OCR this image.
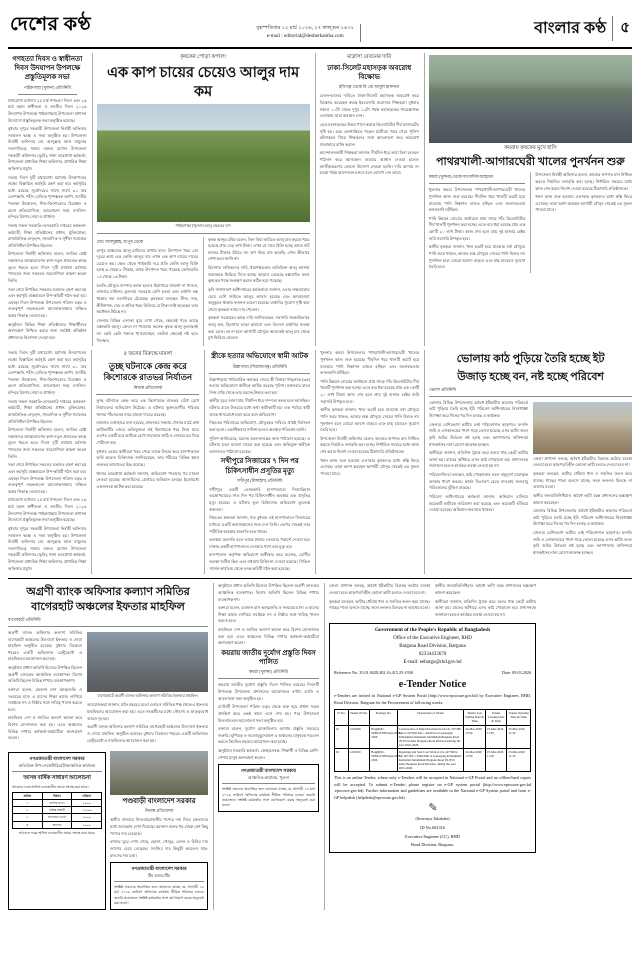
দেশের কণ্ঠ	বৃহস্পতিবার ১২ মার্চ ২০২৬, ২৭ ফাল্গুন ১৪৩২
e-mail : editorial@desherkantha.com	বাংলার কণ্ঠ ৫
গণহত্যা দিবস ও স্বাধীনতা দিবস উদযাপন উপলক্ষে প্রস্তুতিমূলক সভা
পাইকগাছা (খুলনা) প্রতিনিধি

যথাযোগ্য মর্যাদায় ২৫ মার্চ গণহত্যা দিবস এবং ২৬ মার্চ মহান স্বাধীনতা ও জাতীয় দিবস ২০২৬ উদযাপন উপলক্ষে পাইকগাছায় উপজেলা প্রশাসন উদ্যোগে প্রস্তুতিমূলক সভা অনুষ্ঠিত হয়েছে।

বুধবার দুপুরে সহকারী উপজেলা নির্বাহী অফিসার সম্মেলন কক্ষে এ সভা অনুষ্ঠিত হয়। উপজেলা নির্বাহী অফিসার মো. আব্দুল্লাহ আল মামুনের সভাপতিত্বে সভায় বক্তব্য রাখেন উপজেলা সহকারী কমিশনার (ভূমি), থানা ভারপ্রাপ্ত কর্মকর্তা, উপজেলা মাধ্যমিক শিক্ষা অফিসার, প্রাথমিক শিক্ষা অফিসার প্রমুখ।

সভায় দিবস দুটি যথাযোগ্য মর্যাদায় উদযাপনের লক্ষ্যে বিস্তারিত কর্মসূচি গ্রহণ করা হয়। কর্মসূচির মধ্যে রয়েছে সূর্যোদয়ের সাথে সাথে ৩১ বার তোপধ্বনি, শহীদ বেদিতে পুষ্পস্তবক অর্পণ, জাতীয় পতাকা উত্তোলন, শিশু-কিশোরদের চিত্রাঙ্কন ও রচনা প্রতিযোগিতা, আলোচনা সভা, মসজিদ-মন্দিরে বিশেষ দোয়া ও প্রার্থনা।

সভায় সকল সরকারি-বেসরকারি দপ্তরের কর্মকর্তা-কর্মচারী, শিক্ষা প্রতিষ্ঠানের প্রধান, মুক্তিযোদ্ধা, রাজনৈতিক নেতৃবৃন্দ, সাংবাদিক ও সুশীল সমাজের প্রতিনিধিরা উপস্থিত ছিলেন।

উপজেলা নির্বাহী অফিসার বলেন, জাতির শ্রেষ্ঠ সন্তানদের আত্মত্যাগের কথা নতুন প্রজন্মের কাছে তুলে ধরতে হবে। দিবস দুটি যথাযথ মর্যাদায় পালনের জন্য সকলের সহযোগিতা কামনা করেন তিনি।

সভা শেষে উপস্থিত সকলের মতামত গ্রহণ করা হয় এবং কর্মসূচি বাস্তবায়নে উপ-কমিটি গঠন করা হয়। এছাড়া দিবস উপলক্ষে উপজেলা পরিষদ চত্বর ও গুরুত্বপূর্ণ সড়কগুলো আলোকসজ্জায় সজ্জিত করার সিদ্ধান্ত নেওয়া হয়।

অনুষ্ঠানে বিভিন্ন শিক্ষা প্রতিষ্ঠানের শিক্ষার্থীদের অংশগ্রহণ নিশ্চিত করার জন্য সংশ্লিষ্ট প্রতিষ্ঠান প্রধানদের নির্দেশনা দেওয়া হয়।

কৃষকের পোড়া কপাল!
এক কাপ চায়ের চেয়েও আলুর দাম কম
পাইকগাছা (খুলনা) আলু ক্ষেতের দৃশ্য
মোঃ আবদুল্লাহ, রংপুর থেকে

রংপুর অঞ্চলের আলু চাষিদের মাথায় হাত। উৎপাদন খরচ তো দূরের কথা, এক কেজি আলুর দাম এখন এক কাপ চায়ের দামের চেয়েও কম। ক্ষেত থেকে পাইকারি দরে প্রতি কেজি আলু বিক্রি হচ্ছে ৬ থেকে ৮ টাকায়, অথচ উৎপাদন খরচ পড়েছে কেজিপ্রতি ১৪ থেকে ১৬ টাকা।

চলতি মৌসুমে বাম্পার ফলন হলেও হিমাগারে জায়গা না পাওয়া, বাজারে চাহিদার তুলনায় সরবরাহ বেশি হওয়া এবং রপ্তানি বন্ধ থাকায় দাম তলানিতে ঠেকেছে। কৃষকেরা বলছেন, বীজ, সার, কীটনাশক, সেচ ও শ্রমিক খরচ মিলিয়ে যে টাকা লগ্নি করেছেন তার অর্ধেকও উঠছে না।

জেলার বিভিন্ন এলাকা ঘুরে দেখা গেছে, ক্ষেতেই পড়ে আছে বস্তাভর্তি আলু। ক্রেতা না পাওয়ায় অনেক কৃষক আলু তুলছেনই না। কেউ কেউ গরুকে খাওয়াচ্ছেন, কেউবা ক্ষেতেই নষ্ট হতে দিচ্ছেন।

কৃষক আব্দুর রহিম বলেন, তিন বিঘা জমিতে আলু চাষ করতে খরচ হয়েছে প্রায় দেড় লাখ টাকা। এখন যে দামে বিক্রি হচ্ছে তাতে ষাট হাজার টাকাও উঠবে না। ঋণ নিয়ে চাষ করেছি, এখন কীভাবে শোধ করব জানি না।

হিমাগার মালিকদের দাবি, ধারণক্ষমতার অতিরিক্ত আলু আসায় অনেককে ফিরিয়ে দিতে হচ্ছে। ভাড়াও বেড়েছে বস্তাপ্রতি। ফলে কৃষকের পক্ষে সংরক্ষণ করাও কঠিন হয়ে পড়েছে।

কৃষি সম্প্রসারণ অধিদপ্তরের কর্মকর্তারা জানান, এবার লক্ষ্যমাত্রার চেয়ে বেশি জমিতে আলুর আবাদ হয়েছে এবং আবহাওয়া অনুকূলে থাকায় ফলনও ভালো হয়েছে। রপ্তানির সুযোগ সৃষ্টি করা গেলে কৃষকরা ন্যায্য দাম পেতেন।

কৃষকরা সরকারের কাছে দাবি জানিয়েছেন, সরাসরি সরকারিভাবে আলু ক্রয়, হিমাগার ভাড়া কমানো এবং বিদেশে রপ্তানির ব্যবস্থা করা হোক। তা না হলে আগামী মৌসুমে অনেকেই আলু চাষ থেকে মুখ ফিরিয়ে নেবেন।

মাদ্রাসা বেতনের দাবি
ঢাকা-সিলেট মহাসড়ক অবরোধ বিক্ষোভ
হবিগঞ্জ থেকে বি এম আবুল হাসনাত

বেতন-ভাতার দাবিতে ঢাকা-সিলেট মহাসড়ক অবরোধ করে বিক্ষোভ করেছেন স্বতন্ত্র ইবতেদায়ি মাদ্রাসার শিক্ষকরা। বুধবার সকাল ১০টা থেকে দুপুর ১২টা পর্যন্ত মহাসড়কের শায়েস্তাগঞ্জ এলাকায় তারা অবস্থান নেন।

এতে মহাসড়কের উভয় পাশে কয়েক কিলোমিটার দীর্ঘ যানজটের সৃষ্টি হয়। চরম ভোগান্তিতে পড়েন যাত্রীরা। খবর পেয়ে পুলিশ ঘটনাস্থলে গিয়ে শিক্ষকদের সঙ্গে আলোচনা করে অবরোধ প্রত্যাহারে রাজি করান।

আন্দোলনকারী শিক্ষকরা জানান, দীর্ঘদিন ধরে তারা বিনা বেতনে পাঠদান করে আসছেন। বারবার আশ্বাস দেওয়া হলেও জাতীয়করণের কোনো উদ্যোগ নেওয়া হয়নি। দাবি আদায় না হওয়া পর্যন্ত আন্দোলন চলবে বলে ঘোষণা দেন তারা।

কয়রায় কৃষকের মুখে হাসি
পাথরখালী-আগারঘেরী খালের পুনর্খনন শুরু
কয়রা (খুলনা) থেকে সাংবাদিক আহমেদ

খুলনার কয়রা উপজেলার পাথরখালী-আগারঘেরী খালের পুনর্খনন কাজ শুরু হয়েছে। দীর্ঘদিন ধরে খালটি ভরাট হয়ে যাওয়ায় পানি নিষ্কাশন ব্যাহত হচ্ছিল এবং জলাবদ্ধতায় ফসলহানি ঘটছিল।

পানি উন্নয়ন বোর্ডের অর্থায়নে প্রায় সাড়ে পাঁচ কিলোমিটার দীর্ঘ খালটি পুনর্খনন করা হচ্ছে। এতে ব্যয় ধরা হয়েছে প্রায় এক কোটি ২০ লাখ টাকা। কাজ শেষ হলে প্রায় দুই হাজার হেক্টর জমি সরাসরি উপকৃত হবে।

স্থানীয় কৃষকরা জানান, খাল ভরাট হয়ে যাওয়ায় বর্ষা মৌসুমে পানি জমে থাকত, আবার শুষ্ক মৌসুমে সেচের পানি মিলত না। পুনর্খনন হলে বোরো আবাদ বাড়বে এবং মাছ চাষেরও সুযোগ তৈরি হবে।

উপজেলা নির্বাহী অফিসার বলেন, কাজের গুণগত মান নিশ্চিত করতে নিয়মিত তদারকি করা হচ্ছে। নির্ধারিত সময়ের মধ্যে কাজ শেষ করার নির্দেশ দেওয়া হয়েছে ঠিকাদারি প্রতিষ্ঠানকে।

খনন কাজ শুরু হওয়ায় এলাকার কৃষকদের মধ্যে স্বস্তি ফিরে এসেছে। তারা আশা করছেন আগামী মৌসুম থেকেই এর সুফল পাওয়া যাবে।

সভায় দিবস দুটি যথাযোগ্য মর্যাদায় উদযাপনের লক্ষ্যে বিস্তারিত কর্মসূচি গ্রহণ করা হয়। কর্মসূচির মধ্যে রয়েছে সূর্যোদয়ের সাথে সাথে ৩১ বার তোপধ্বনি, শহীদ বেদিতে পুষ্পস্তবক অর্পণ, জাতীয় পতাকা উত্তোলন, শিশু-কিশোরদের চিত্রাঙ্কন ও রচনা প্রতিযোগিতা, আলোচনা সভা, মসজিদ-মন্দিরে বিশেষ দোয়া ও প্রার্থনা।

সভায় সকল সরকারি-বেসরকারি দপ্তরের কর্মকর্তা-কর্মচারী, শিক্ষা প্রতিষ্ঠানের প্রধান, মুক্তিযোদ্ধা, রাজনৈতিক নেতৃবৃন্দ, সাংবাদিক ও সুশীল সমাজের প্রতিনিধিরা উপস্থিত ছিলেন।

উপজেলা নির্বাহী অফিসার বলেন, জাতির শ্রেষ্ঠ সন্তানদের আত্মত্যাগের কথা নতুন প্রজন্মের কাছে তুলে ধরতে হবে। দিবস দুটি যথাযথ মর্যাদায় পালনের জন্য সকলের সহযোগিতা কামনা করেন তিনি।

সভা শেষে উপস্থিত সকলের মতামত গ্রহণ করা হয় এবং কর্মসূচি বাস্তবায়নে উপ-কমিটি গঠন করা হয়। এছাড়া দিবস উপলক্ষে উপজেলা পরিষদ চত্বর ও গুরুত্বপূর্ণ সড়কগুলো আলোকসজ্জায় সজ্জিত করার সিদ্ধান্ত নেওয়া হয়।

যথাযোগ্য মর্যাদায় ২৫ মার্চ গণহত্যা দিবস এবং ২৬ মার্চ মহান স্বাধীনতা ও জাতীয় দিবস ২০২৬ উদযাপন উপলক্ষে পাইকগাছায় উপজেলা প্রশাসন উদ্যোগে প্রস্তুতিমূলক সভা অনুষ্ঠিত হয়েছে।

বুধবার দুপুরে সহকারী উপজেলা নির্বাহী অফিসার সম্মেলন কক্ষে এ সভা অনুষ্ঠিত হয়। উপজেলা নির্বাহী অফিসার মো. আব্দুল্লাহ আল মামুনের সভাপতিত্বে সভায় বক্তব্য রাখেন উপজেলা সহকারী কমিশনার (ভূমি), থানা ভারপ্রাপ্ত কর্মকর্তা, উপজেলা মাধ্যমিক শিক্ষা অফিসার, প্রাথমিক শিক্ষা অফিসার প্রমুখ।

৫ জনের বিরুদ্ধে মামলা
তুচ্ছ ঘটনাকে কেন্দ্র করে কিশোরকে রাতভর নির্যাতন
নিজস্ব প্রতিবেদক

তুচ্ছ ঘটনাকে কেন্দ্র করে এক কিশোরকে রাতভর বেঁধে রেখে নির্যাতনের অভিযোগ উঠেছে। এ ঘটনায় ভুক্তভোগীর পরিবার থানায় পাঁচজনের নামে মামলা দায়ের করেছে।

মামলার এজাহারে বলা হয়েছে, মঙ্গলবার সন্ধ্যায় খেলার মাঠে কথা কাটাকাটির জেরে অভিযুক্তরা ওই কিশোরকে ধরে নিয়ে যায়। এরপর একটি ঘরে আটকে রেখে সারারাত লাঠি ও লোহার রড দিয়ে পেটানো হয়।

বুধবার ভোরে স্থানীয়রা খবর পেয়ে তাকে উদ্ধার করে হাসপাতালে ভর্তি করেন। চিকিৎসক জানিয়েছেন, তার শরীরের বিভিন্ন স্থানে গুরুতর আঘাতের চিহ্ন রয়েছে।

থানার ভারপ্রাপ্ত কর্মকর্তা জানান, অভিযোগ পাওয়ার পর মামলা নেওয়া হয়েছে। আসামিদের গ্রেপ্তারে অভিযান চলছে। ইতোমধ্যে একজনকে আটক করা হয়েছে।

স্ত্রীকে হত্যার অভিযোগে স্বামী আটক
উল্লাপাড়া (সিরাজগঞ্জ) প্রতিনিধি

উল্লাপাড়ায় পারিবারিক কলহের জেরে স্ত্রী মিনারা খাতুনকে (৩৫) হত্যার অভিযোগে স্বামীকে আটক করেছে পুলিশ। মঙ্গলবার রাতে নিজ বাড়ি থেকে তার মরদেহ উদ্ধার করা হয়।

স্থানীয় সূত্রে জানা যায়, দীর্ঘদিন ধরে দাম্পত্য কলহ চলে আসছিল। ঘটনার রাতে উভয়ের মধ্যে কথা কাটাকাটি হয়। এক পর্যায়ে স্বামী তাকে শ্বাসরোধে হত্যা করে বলে অভিযোগ।

নিহতের পরিবারের অভিযোগ, যৌতুকের দাবিতে প্রায়ই নির্যাতন করা হতো। একাধিকবার সালিশ হলেও অবস্থার পরিবর্তন হয়নি।

পুলিশ জানিয়েছে, মরদেহ ময়নাতদন্তের জন্য পাঠানো হয়েছে। এ ঘটনায় হত্যা মামলা দায়ের করা হয়েছে এবং অভিযুক্ত স্বামীকে আদালতে পাঠানো হয়েছে।

সখীপুরে সিজারের ৭ দিন পর চিকিৎসাধীন প্রসূতির মৃত্যু
সখীপুর (টাঙ্গাইল) প্রতিনিধি

সখীপুরে একটি বেসরকারি হাসপাতালে সিজারিয়ান অস্ত্রোপচারের সাত দিন পর চিকিৎসাধীন অবস্থায় এক প্রসূতির মৃত্যু হয়েছে। এ ঘটনায় ভুল চিকিৎসার অভিযোগ তুলেছে স্বজনরা।

নিহতের স্বজনরা জানান, গত বুধবার ওই হাসপাতালে সিজারের মাধ্যমে একটি কন্যাসন্তানের জন্ম দেন তিনি। এরপর থেকেই তার শারীরিক অবস্থার অবনতি হতে থাকে।

অবস্থার অবনতি হলে তাকে ঢাকায় নেওয়ার পরামর্শ দেওয়া হয়। ঢাকার একটি হাসপাতালে নেওয়ার পথে তার মৃত্যু হয়।

হাসপাতাল কর্তৃপক্ষ অভিযোগ অস্বীকার করে বলেছে, রোগীর অবস্থা জটিল ছিল এবং যথাযথ চিকিৎসা দেওয়া হয়েছে। সিভিল সার্জন কার্যালয় থেকে তদন্ত কমিটি গঠন করা হয়েছে।

খুলনার কয়রা উপজেলার পাথরখালী-আগারঘেরী খালের পুনর্খনন কাজ শুরু হয়েছে। দীর্ঘদিন ধরে খালটি ভরাট হয়ে যাওয়ায় পানি নিষ্কাশন ব্যাহত হচ্ছিল এবং জলাবদ্ধতায় ফসলহানি ঘটছিল।

পানি উন্নয়ন বোর্ডের অর্থায়নে প্রায় সাড়ে পাঁচ কিলোমিটার দীর্ঘ খালটি পুনর্খনন করা হচ্ছে। এতে ব্যয় ধরা হয়েছে প্রায় এক কোটি ২০ লাখ টাকা। কাজ শেষ হলে প্রায় দুই হাজার হেক্টর জমি সরাসরি উপকৃত হবে।

স্থানীয় কৃষকরা জানান, খাল ভরাট হয়ে যাওয়ায় বর্ষা মৌসুমে পানি জমে থাকত, আবার শুষ্ক মৌসুমে সেচের পানি মিলত না। পুনর্খনন হলে বোরো আবাদ বাড়বে এবং মাছ চাষেরও সুযোগ তৈরি হবে।

উপজেলা নির্বাহী অফিসার বলেন, কাজের গুণগত মান নিশ্চিত করতে নিয়মিত তদারকি করা হচ্ছে। নির্ধারিত সময়ের মধ্যে কাজ শেষ করার নির্দেশ দেওয়া হয়েছে ঠিকাদারি প্রতিষ্ঠানকে।

খনন কাজ শুরু হওয়ায় এলাকার কৃষকদের মধ্যে স্বস্তি ফিরে এসেছে। তারা আশা করছেন আগামী মৌসুম থেকেই এর সুফল পাওয়া যাবে।

ভোলায় কাঠ পুড়িয়ে তৈরি হচ্ছে ইট
উজাড় হচ্ছে বন, নষ্ট হচ্ছে পরিবেশ
ভোলা প্রতিনিধি

ভোলার বিভিন্ন উপজেলায় অবৈধ ইটভাটায় কয়লার পরিবর্তে কাঠ পুড়িয়ে তৈরি হচ্ছে ইট। পরিবেশ অধিদপ্তরের নিষেধাজ্ঞা উপেক্ষা করে দিনের পর দিন চলছে এ কার্যক্রম।

জেলার বেশিরভাগ ভাটায় নেই পরিবেশগত ছাড়পত্র। ফসলি জমি ও লোকালয়ের পাশে গড়ে তোলা হয়েছে এসব ভাটা। ফলে কৃষি জমির উর্বরতা নষ্ট হচ্ছে এবং আশপাশের বাসিন্দারা শ্বাসকষ্টসহ নানা রোগে আক্রান্ত হচ্ছেন।

স্থানীয়রা জানান, প্রতিদিন ট্রাকে করে বনের গাছ কেটে ভাটায় আনা হয়। রাতের আঁধারে এসব কাঠ পোড়ানো হয়। প্রশাসনকে জানানো হলেও কার্যকর ব্যবস্থা নেওয়া হয় না।

পরিবেশবিদরা বলছেন, কাঠ পোড়ানোর ফলে বায়ুদূষণ মারাত্মক আকার ধারণ করছে। কার্বন নিঃসরণ বেড়ে যাওয়ায় জলবায়ু পরিবর্তনের ঝুঁকিও বাড়ছে।

পরিবেশ অধিদপ্তরের কর্মকর্তা জানান, অভিযান চালিয়ে কয়েকটি ভাটাকে জরিমানা করা হয়েছে এবং কয়েকটি গুঁড়িয়ে দেওয়া হয়েছে। অভিযান অব্যাহত থাকবে।

জেলা প্রশাসন বলছে, অবৈধ ইটভাটার বিরুদ্ধে কঠোর ব্যবস্থা নেওয়া হবে। ছাড়পত্রবিহীন কোনো ভাটা চলতে দেওয়া হবে না।

কৃষকরা বলছেন, ভাটার ধোঁয়ায় ধান ও সবজির ফলন কমে যাচ্ছে। গাছের পাতা ঝলসে যাচ্ছে, ফলে ফলনও মিলছে না আগের মতো।

স্থানীয় জনপ্রতিনিধিরাও অবৈধ ভাটা বন্ধে প্রশাসনের হস্তক্ষেপ কামনা করেছেন।

ভোলার বিভিন্ন উপজেলায় অবৈধ ইটভাটায় কয়লার পরিবর্তে কাঠ পুড়িয়ে তৈরি হচ্ছে ইট। পরিবেশ অধিদপ্তরের নিষেধাজ্ঞা উপেক্ষা করে দিনের পর দিন চলছে এ কার্যক্রম।

জেলার বেশিরভাগ ভাটায় নেই পরিবেশগত ছাড়পত্র। ফসলি জমি ও লোকালয়ের পাশে গড়ে তোলা হয়েছে এসব ভাটা। ফলে কৃষি জমির উর্বরতা নষ্ট হচ্ছে এবং আশপাশের বাসিন্দারা শ্বাসকষ্টসহ নানা রোগে আক্রান্ত হচ্ছেন।

অগ্রণী ব্যাংক অফিসার কল্যাণ সমিতির বাগেরহাট অঞ্চলের ইফতার মাহফিল
বাগেরহাট প্রতিনিধি

অগ্রণী ব্যাংক অফিসার কল্যাণ সমিতির বাগেরহাট অঞ্চলের উদ্যোগে ইফতার ও দোয়া মাহফিল অনুষ্ঠিত হয়েছে। বুধবার বিকেলে শহরের একটি অভিজাত রেস্টুরেন্টে এ মাহফিলের আয়োজন করা হয়।

অনুষ্ঠানে প্রধান অতিথি হিসেবে উপস্থিত ছিলেন অগ্রণী ব্যাংকের আঞ্চলিক ব্যবস্থাপক। বিশেষ অতিথি ছিলেন বিভিন্ন শাখার ব্যবস্থাপকগণ।

বক্তারা বলেন, রমজান মাস আত্মশুদ্ধি ও সংযমের মাস। এ মাসের শিক্ষা কাজে লাগিয়ে সবাইকে সৎ ও নিষ্ঠার সঙ্গে দায়িত্ব পালন করতে হবে।

মাহফিলে দেশ ও জাতির কল্যাণ কামনা করে বিশেষ মোনাজাত করা হয়। এতে অঞ্চলের বিভিন্ন শাখার কর্মকর্তা-কর্মচারীরা অংশগ্রহণ করেন।

বাগেরহাটে অগ্রণী ব্যাংক অফিসার কল্যাণ সমিতির ইফতার মাহফিল

আয়োজকরা জানান, প্রতি বছরের মতো এবারও সমিতির পক্ষ থেকে এ ইফতার মাহফিলের আয়োজন করা হয়। এতে সহকর্মীদের মধ্যে সৌহার্দ্য ও ভ্রাতৃত্ববোধ আরও দৃঢ় হয়।

অগ্রণী ব্যাংক অফিসার কল্যাণ সমিতির বাগেরহাট অঞ্চলের উদ্যোগে ইফতার ও দোয়া মাহফিল অনুষ্ঠিত হয়েছে। বুধবার বিকেলে শহরের একটি অভিজাত রেস্টুরেন্টে এ মাহফিলের আয়োজন করা হয়।

গণপ্রজাতন্ত্রী বাংলাদেশ সরকার
অতিরিক্ত উপ-সেক্রেটারিয়েট/আঞ্চলিক কার্যালয়
আসন্ন বার্ষিক সাধারণ আলোচনা
আবেদন ফরম অফিস চলাকালীন সময়ে সংগ্রহ করা যাবে।
ক্রমিক	বিবরণ	পরিমাণ
১	মাসিক ভাতা	৫০০০
২	বার্ষিক সম্মানী	১২০০০
৩	যাতায়াত ভাতা	৩০০০
৪	অন্যান্য	২০০০
আবেদন ফরম অফিস চলাকালীন সময়ে সংগ্রহ করা যাবে।
পণ্ডবাড়ী বাংলাদেশ সরকার
নিজস্ব প্রতিবেদক

স্থানীয় বাজারে নিত্যপ্রয়োজনীয় পণ্যের দাম নিয়ে ক্রেতাদের মধ্যে অসন্তোষ দেখা দিয়েছে। রমজান শুরুর পর থেকে বেশ কিছু পণ্যের দাম বেড়েছে।

বাজার ঘুরে দেখা গেছে, ছোলা, খেজুর, বেসন ও চিনির দাম আগের চেয়ে বেড়েছে। সবজির দাম কিছুটা কমলেও মাছ-মাংসের দাম চড়া।

গণপ্রজাতন্ত্রী বাংলাদেশ সরকার
টিম অ্যান্ড/টিম
সংশ্লিষ্ট সকলের অবগতির জন্য জানানো যাচ্ছে যে, আগামী ১৫ মার্চ ২০২৬ তারিখে অফিসের কার্যক্রম সীমিত পরিসরে চলবে। জরুরি প্রয়োজনে সংশ্লিষ্ট কর্মকর্তার সঙ্গে যোগাযোগ করার অনুরোধ করা হলো।

অনুষ্ঠানে প্রধান অতিথি হিসেবে উপস্থিত ছিলেন অগ্রণী ব্যাংকের আঞ্চলিক ব্যবস্থাপক। বিশেষ অতিথি ছিলেন বিভিন্ন শাখার ব্যবস্থাপকগণ।

বক্তারা বলেন, রমজান মাস আত্মশুদ্ধি ও সংযমের মাস। এ মাসের শিক্ষা কাজে লাগিয়ে সবাইকে সৎ ও নিষ্ঠার সঙ্গে দায়িত্ব পালন করতে হবে।

মাহফিলে দেশ ও জাতির কল্যাণ কামনা করে বিশেষ মোনাজাত করা হয়। এতে অঞ্চলের বিভিন্ন শাখার কর্মকর্তা-কর্মচারীরা অংশগ্রহণ করেন।

কয়রায় জাতীয় দুর্যোগ প্রস্তুতি দিবস পালিত
কয়রা (খুলনা) প্রতিনিধি

কয়রায় জাতীয় দুর্যোগ প্রস্তুতি দিবস পালিত হয়েছে। দিবসটি উপলক্ষে উপজেলা প্রশাসনের আয়োজনে বর্ণাঢ্য র‍্যালি ও আলোচনা সভা অনুষ্ঠিত হয়।

র‍্যালিটি উপজেলা পরিষদ চত্বর থেকে শুরু হয়ে প্রধান সড়ক প্রদক্ষিণ করে একই স্থানে এসে শেষ হয়। পরে উপজেলা মিলনায়তনে আলোচনা সভা অনুষ্ঠিত হয়।

বক্তারা বলেন, দুর্যোগ মোকাবিলায় আগাম প্রস্তুতি সবচেয়ে জরুরি। ঘূর্ণিঝড় ও জলোচ্ছ্বাসপ্রবণ এ অঞ্চলের মানুষকে সচেতন করতে নিয়মিত মহড়ার আয়োজন করা হচ্ছে।

অনুষ্ঠানে সরকারি কর্মকর্তা, স্বেচ্ছাসেবক, শিক্ষার্থী ও বিভিন্ন শ্রেণি-পেশার মানুষ অংশগ্রহণ করেন।

গণপ্রজাতন্ত্রী বাংলাদেশ সরকার
আঞ্চলিক কার্যালয়, খুলনা
সংশ্লিষ্ট সকলের অবগতির জন্য জানানো যাচ্ছে যে, আগামী ১৫ মার্চ ২০২৬ তারিখে অফিসের কার্যক্রম সীমিত পরিসরে চলবে। জরুরি প্রয়োজনে সংশ্লিষ্ট কর্মকর্তার সঙ্গে যোগাযোগ করার অনুরোধ করা হলো।

জেলা প্রশাসন বলছে, অবৈধ ইটভাটার বিরুদ্ধে কঠোর ব্যবস্থা নেওয়া হবে। ছাড়পত্রবিহীন কোনো ভাটা চলতে দেওয়া হবে না।

কৃষকরা বলছেন, ভাটার ধোঁয়ায় ধান ও সবজির ফলন কমে যাচ্ছে। গাছের পাতা ঝলসে যাচ্ছে, ফলে ফলনও মিলছে না আগের মতো।

স্থানীয় জনপ্রতিনিধিরাও অবৈধ ভাটা বন্ধে প্রশাসনের হস্তক্ষেপ কামনা করেছেন।

স্থানীয়রা জানান, প্রতিদিন ট্রাকে করে বনের গাছ কেটে ভাটায় আনা হয়। রাতের আঁধারে এসব কাঠ পোড়ানো হয়। প্রশাসনকে জানানো হলেও কার্যকর ব্যবস্থা নেওয়া হয় না।

Government of the People's Republic of Bangladesh
Office of the Executive Engineer, RHD
Barguna Road Division, Barguna
02334433670
E-mail: eebargu@rhd.gov.bd
Reference No. 35.01.0428.402.16.415.25-1930	Date: 09.03.2026
e-Tender Notice
e-Tenders are invited in National e-GP System Portal (http://www.eprocure.gov.bd) by Executive Engineer, RHD, Road Division, Barguna for the Procurement of following works:
Sl No.	Tender ID No.	Package No.	Description of Works	Tender Last Selling Date & Time	Tender Closing Date & Time	Tender Opening Date & Time
01	1243180	BargRDiv-SPMGT/MWorks/2025-2026	Construction of Rigid Pavement from Ch. 50+580 Km to 50+620 Km = 40.00 m at Gokarganj-Patharkhali-Kathaltali-Subidkhali-Barguna Road (N-872) under Barguna Road Division During the year 2025-2026.	24-Mar-2026 17:00	25-Mar-2026 11:30	25-Mar-2026 11:30
02	1243190	BargRDiv-SPMGT/MWorks/2025-2026	Repairing and Seal Coat Work at Ch. 44+500 to Ch. 46+500 = 2000.00m at Gokarganj-Patharkhali-Kathaltali-Subidkhali-Barguna Road (N-872) under Barguna Road Division, during the year 2025-2026.	24-Mar-2026 17:00	25-Mar-2026 11:30	25-Mar-2026 11:30
This is an online Tender, where only e-Tenders will be accepted in National e-GP Portal and no offline/hard copies will be accepted. To submit e-Tender, please register on e-GP system portal (http://www.eprocure.gov.bd .eprocure.gov.bd). Further information and guidelines are available in the National e-GP System portal and from e-GP helpdesk (helpdesk@eprocure.gov.bd).
✎
(Sowmya Talukder)
ID No.602316
Executive Engineer (CC), RHD
Road Division, Barguna.
